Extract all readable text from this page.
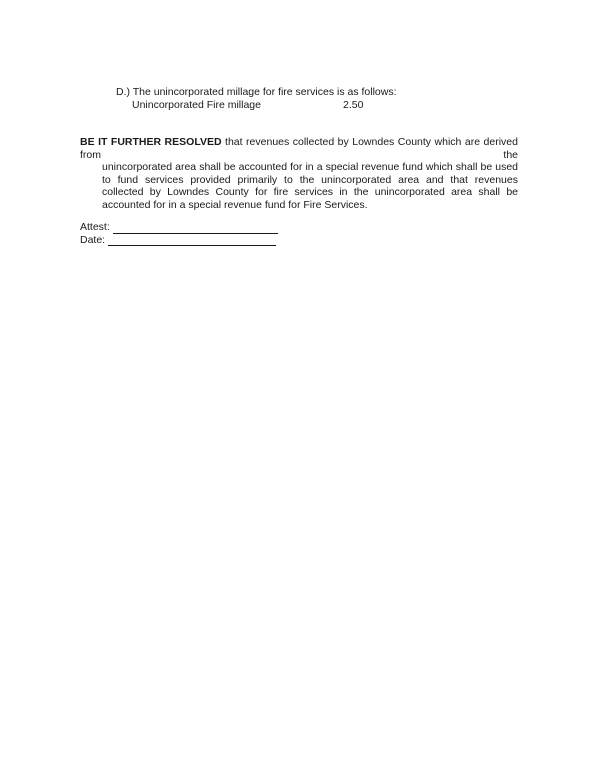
D.) The unincorporated millage for fire services is as follows:
Unincorporated Fire millage	2.50
BE IT FURTHER RESOLVED that revenues collected by Lowndes County which are derived from the
unincorporated area shall be accounted for in a special revenue fund which shall be used to fund services provided primarily to the unincorporated area and that revenues collected by Lowndes County for fire services in the unincorporated area shall be accounted for in a special revenue fund for Fire Services.
Attest:
Date:
